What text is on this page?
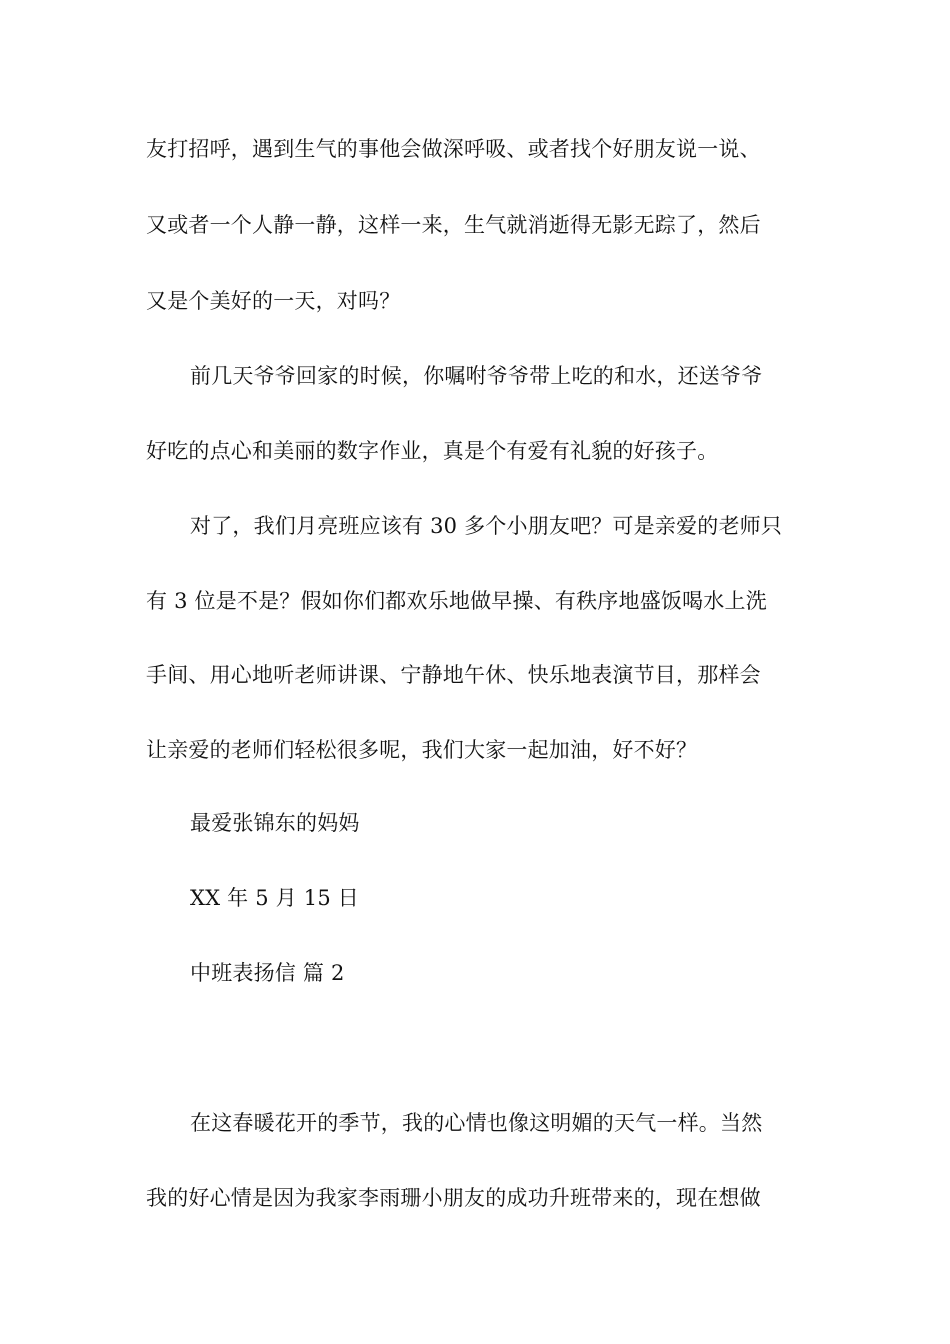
友打招呼，遇到生气的事他会做深呼吸、或者找个好朋友说一说、
又或者一个人静一静，这样一来，生气就消逝得无影无踪了，然后
又是个美好的一天，对吗？
前几天爷爷回家的时候，你嘱咐爷爷带上吃的和水，还送爷爷
好吃的点心和美丽的数字作业，真是个有爱有礼貌的好孩子。
对了，我们月亮班应该有 30 多个小朋友吧？可是亲爱的老师只
有 3 位是不是？假如你们都欢乐地做早操、有秩序地盛饭喝水上洗
手间、用心地听老师讲课、宁静地午休、快乐地表演节目，那样会
让亲爱的老师们轻松很多呢，我们大家一起加油，好不好？
最爱张锦东的妈妈
XX 年 5 月 15 日
中班表扬信 篇 2
在这春暖花开的季节，我的心情也像这明媚的天气一样。当然
我的好心情是因为我家李雨珊小朋友的成功升班带来的，现在想做
